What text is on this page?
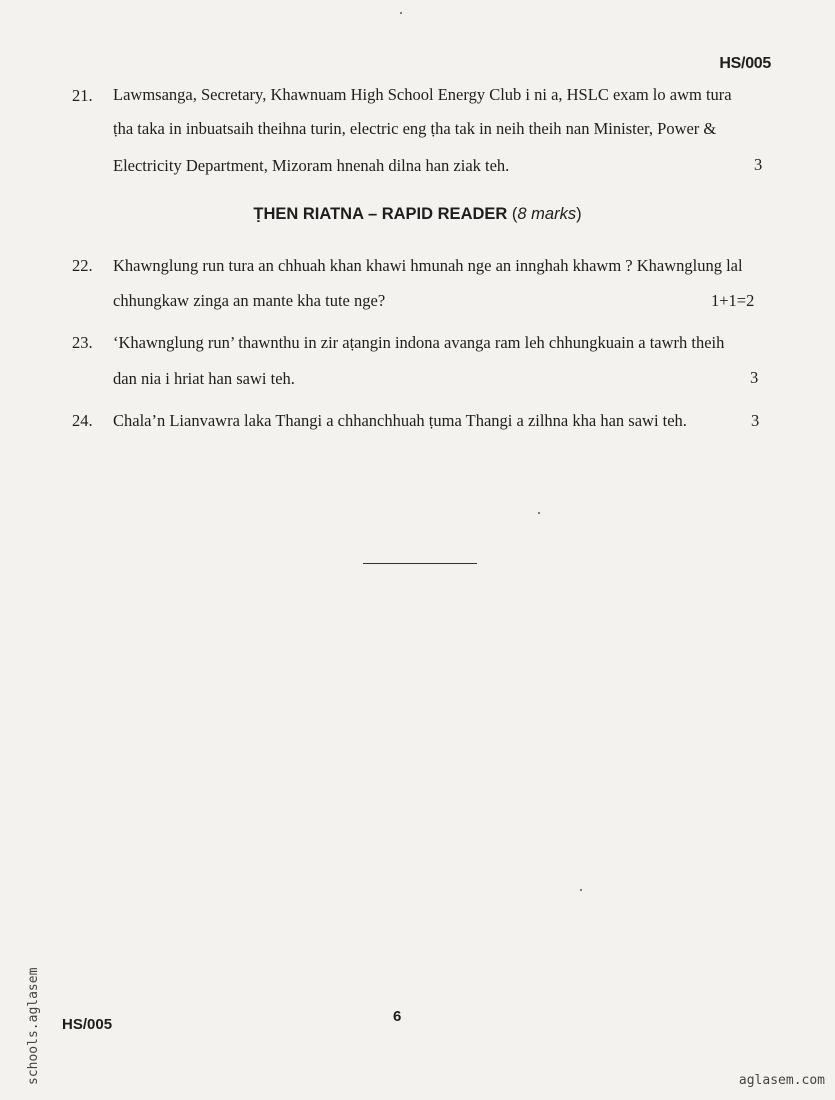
HS/005
21. Lawmsanga, Secretary, Khawnuam High School Energy Club i ni a, HSLC exam lo awm tura
ṭha taka in inbuatsaih theihna turin, electric eng ṭha tak in neih theih nan Minister, Power &
Electricity Department, Mizoram hnenah dilna han ziak teh.	3
ṬHEN RIATNA – RAPID READER (8 marks)
22. Khawnglung run tura an chhuah khan khawi hmunah nge an innghah khawm ? Khawnglung lal
chhungkaw zinga an mante kha tute nge?	1+1=2
23. ‘Khawnglung run’ thawnthu in zir aṭangin indona avanga ram leh chhungkuain a tawrh theih
dan nia i hriat han sawi teh.	3
24. Chala’n Lianvawra laka Thangi a chhanchhuah ṭuma Thangi a zilhna kha han sawi teh.	3
6
HS/005
schools.aglasem	aglasem.com
